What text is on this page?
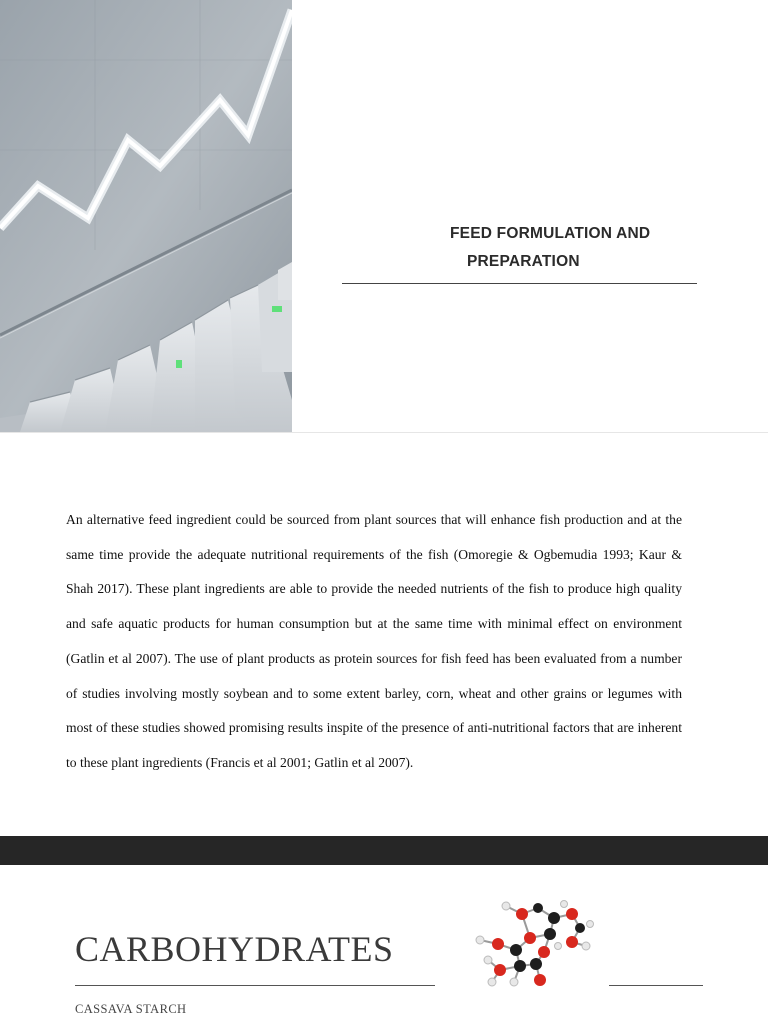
FEED FORMULATION AND
PREPARATION

An alternative feed ingredient could be sourced from plant sources that will enhance fish production and at the same time provide the adequate nutritional requirements of the fish (Omoregie & Ogbemudia 1993; Kaur & Shah 2017). These plant ingredients are able to provide the needed nutrients of the fish to produce high quality and safe aquatic products for human consumption but at the same time with minimal effect on environment (Gatlin et al 2007). The use of plant products as protein sources for fish feed has been evaluated from a number of studies involving mostly soybean and to some extent barley, corn, wheat and other grains or legumes with most of these studies showed promising results inspite of the presence of anti-nutritional factors that are inherent to these plant ingredients (Francis et al 2001; Gatlin et al 2007).

CARBOHYDRATES
CASSAVA STARCH
